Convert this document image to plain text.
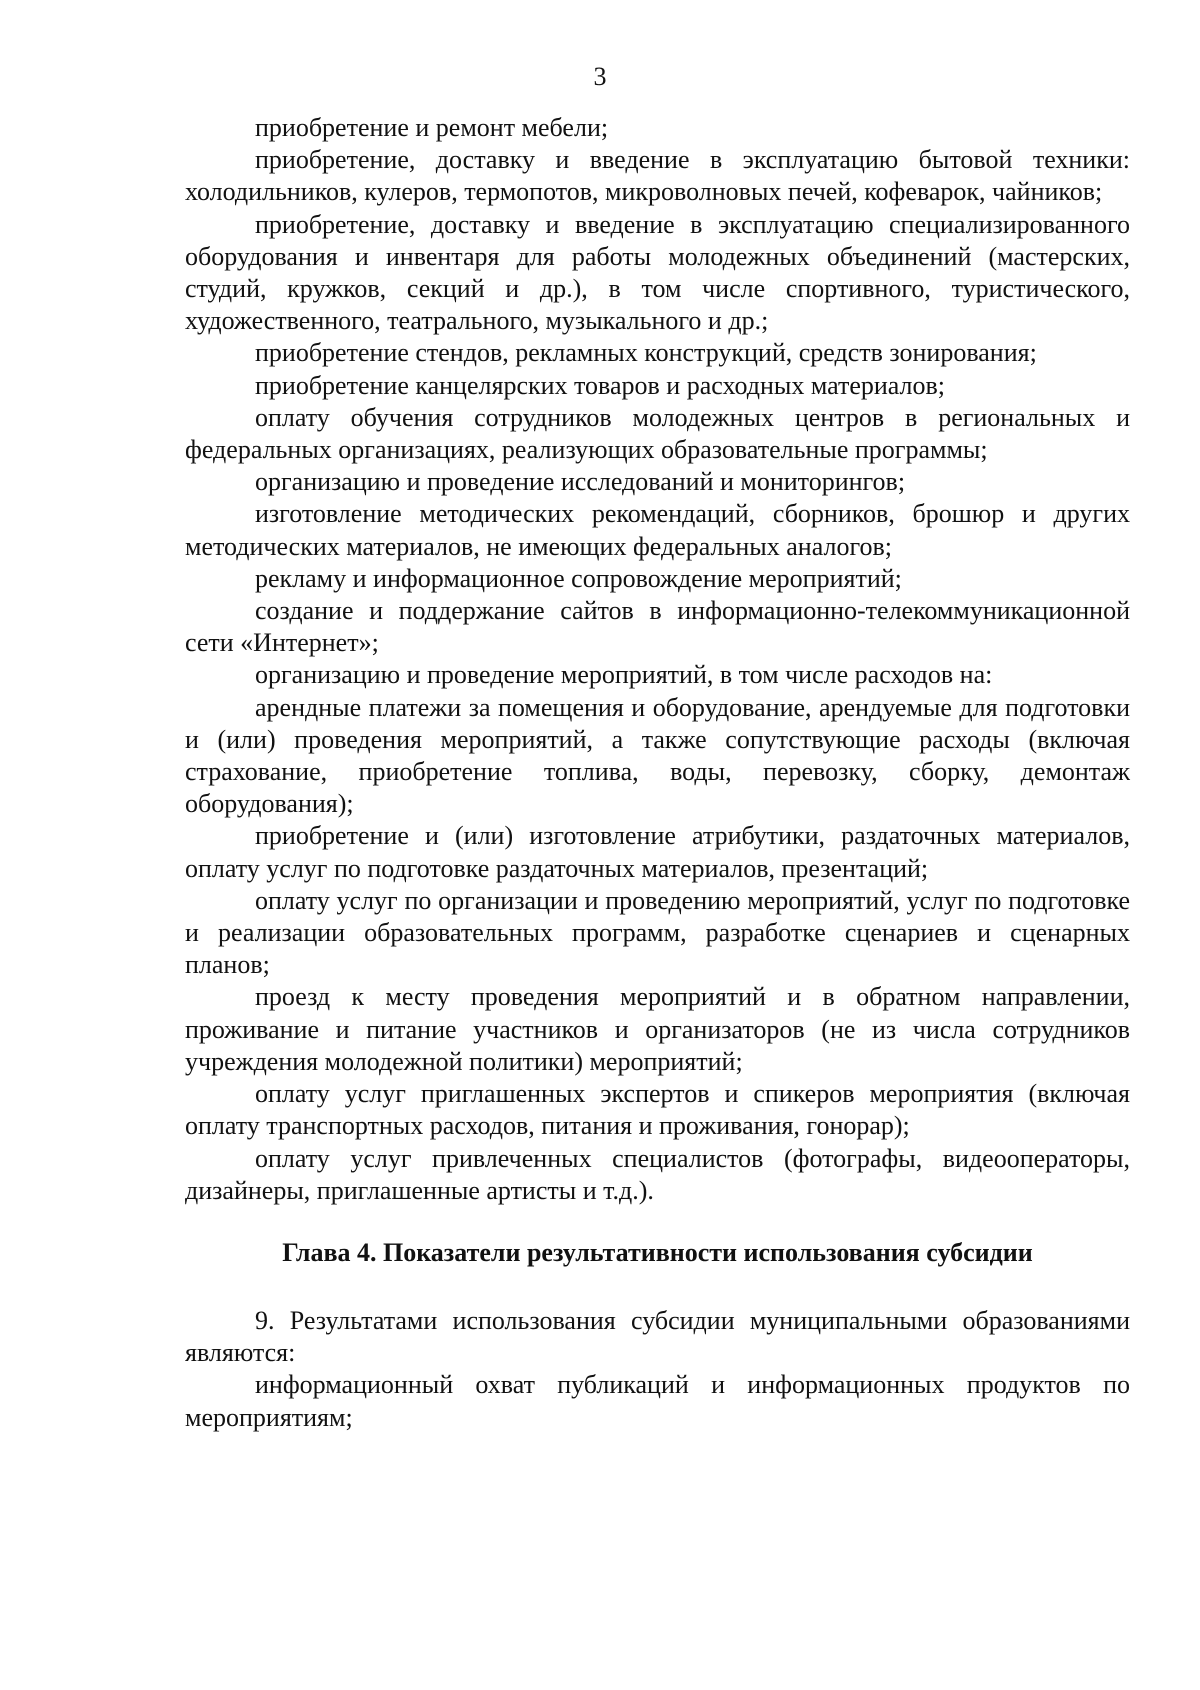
3

приобретение и ремонт мебели;

приобретение, доставку и введение в эксплуатацию бытовой техники: холодильников, кулеров, термопотов, микроволновых печей, кофеварок, чайников;

приобретение, доставку и введение в эксплуатацию специализированного оборудования и инвентаря для работы молодежных объединений (мастерских, студий, кружков, секций и др.), в том числе спортивного, туристического, художественного, театрального, музыкального и др.;

приобретение стендов, рекламных конструкций, средств зонирования;

приобретение канцелярских товаров и расходных материалов;

оплату обучения сотрудников молодежных центров в региональных и федеральных организациях, реализующих образовательные программы;

организацию и проведение исследований и мониторингов;

изготовление методических рекомендаций, сборников, брошюр и других методических материалов, не имеющих федеральных аналогов;

рекламу и информационное сопровождение мероприятий;

создание и поддержание сайтов в информационно-телекоммуникационной сети «Интернет»;

организацию и проведение мероприятий, в том числе расходов на:

арендные платежи за помещения и оборудование, арендуемые для подготовки и (или) проведения мероприятий, а также сопутствующие расходы (включая страхование, приобретение топлива, воды, перевозку, сборку, демонтаж оборудования);

приобретение и (или) изготовление атрибутики, раздаточных материалов, оплату услуг по подготовке раздаточных материалов, презентаций;

оплату услуг по организации и проведению мероприятий, услуг по подготовке и реализации образовательных программ, разработке сценариев и сценарных планов;

проезд к месту проведения мероприятий и в обратном направлении, проживание и питание участников и организаторов (не из числа сотрудников учреждения молодежной политики) мероприятий;

оплату услуг приглашенных экспертов и спикеров мероприятия (включая оплату транспортных расходов, питания и проживания, гонорар);

оплату услуг привлеченных специалистов (фотографы, видеооператоры, дизайнеры, приглашенные артисты и т.д.).

Глава 4. Показатели результативности использования субсидии

9. Результатами использования субсидии муниципальными образованиями являются:

информационный охват публикаций и информационных продуктов по мероприятиям;
